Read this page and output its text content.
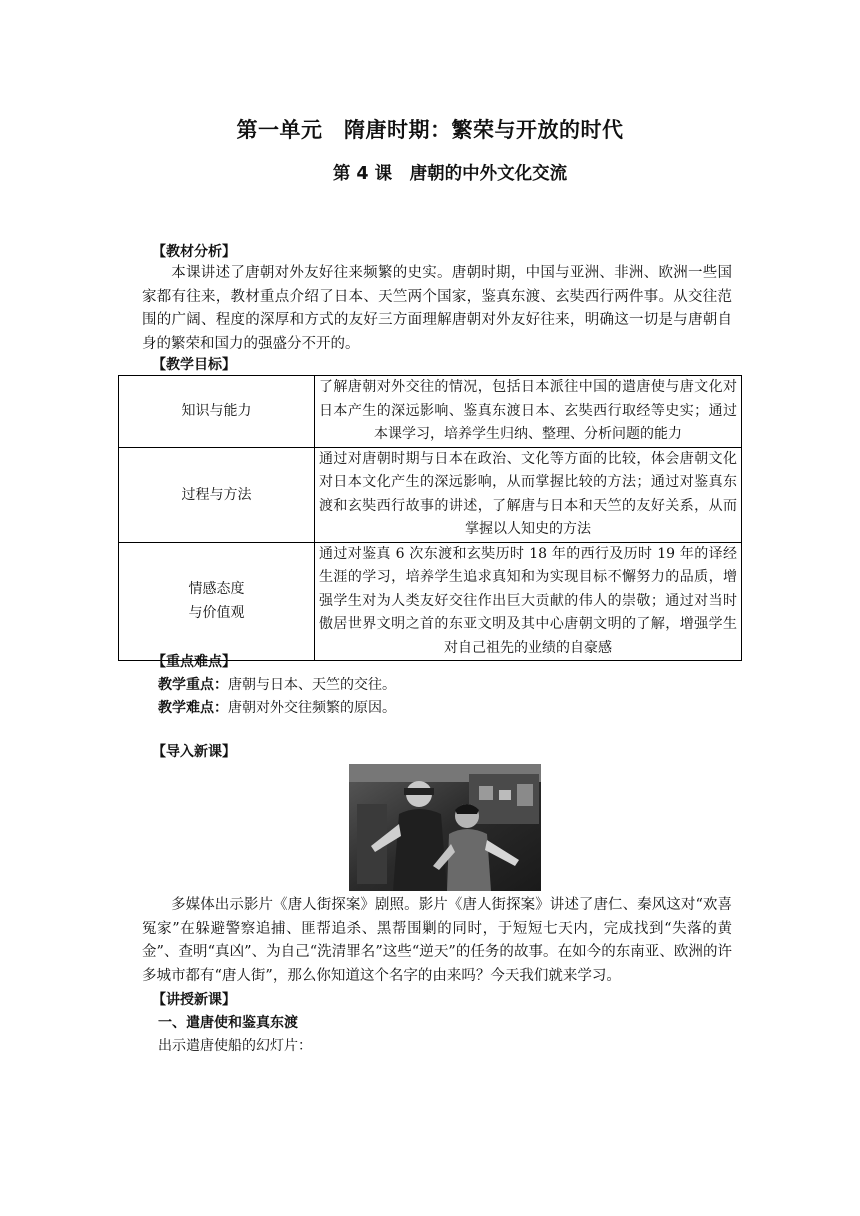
第一单元　隋唐时期：繁荣与开放的时代
第 4 课　唐朝的中外文化交流
【教材分析】
本课讲述了唐朝对外友好往来频繁的史实。唐朝时期，中国与亚洲、非洲、欧洲一些国家都有往来，教材重点介绍了日本、天竺两个国家，鉴真东渡、玄奘西行两件事。从交往范围的广阔、程度的深厚和方式的友好三方面理解唐朝对外友好往来，明确这一切是与唐朝自身的繁荣和国力的强盛分不开的。
【教学目标】
知识与能力	了解唐朝对外交往的情况，包括日本派往中国的遣唐使与唐文化对日本产生的深远影响、鉴真东渡日本、玄奘西行取经等史实；通过本课学习，培养学生归纳、整理、分析问题的能力
过程与方法	通过对唐朝时期与日本在政治、文化等方面的比较，体会唐朝文化对日本文化产生的深远影响，从而掌握比较的方法；通过对鉴真东渡和玄奘西行故事的讲述，了解唐与日本和天竺的友好关系，从而掌握以人知史的方法
情感态度
与价值观	通过对鉴真 6 次东渡和玄奘历时 18 年的西行及历时 19 年的译经生涯的学习，培养学生追求真知和为实现目标不懈努力的品质，增强学生对为人类友好交往作出巨大贡献的伟人的崇敬；通过对当时傲居世界文明之首的东亚文明及其中心唐朝文明的了解，增强学生对自己祖先的业绩的自豪感
【重点难点】
教学重点：唐朝与日本、天竺的交往。
教学难点：唐朝对外交往频繁的原因。
【导入新课】
多媒体出示影片《唐人街探案》剧照。影片《唐人街探案》讲述了唐仁、秦风这对“欢喜冤家”在躲避警察追捕、匪帮追杀、黑帮围剿的同时，于短短七天内，完成找到“失落的黄金”、查明“真凶”、为自己“洗清罪名”这些“逆天”的任务的故事。在如今的东南亚、欧洲的许多城市都有“唐人街”，那么你知道这个名字的由来吗？今天我们就来学习。
【讲授新课】
一、遣唐使和鉴真东渡
出示遣唐使船的幻灯片：
